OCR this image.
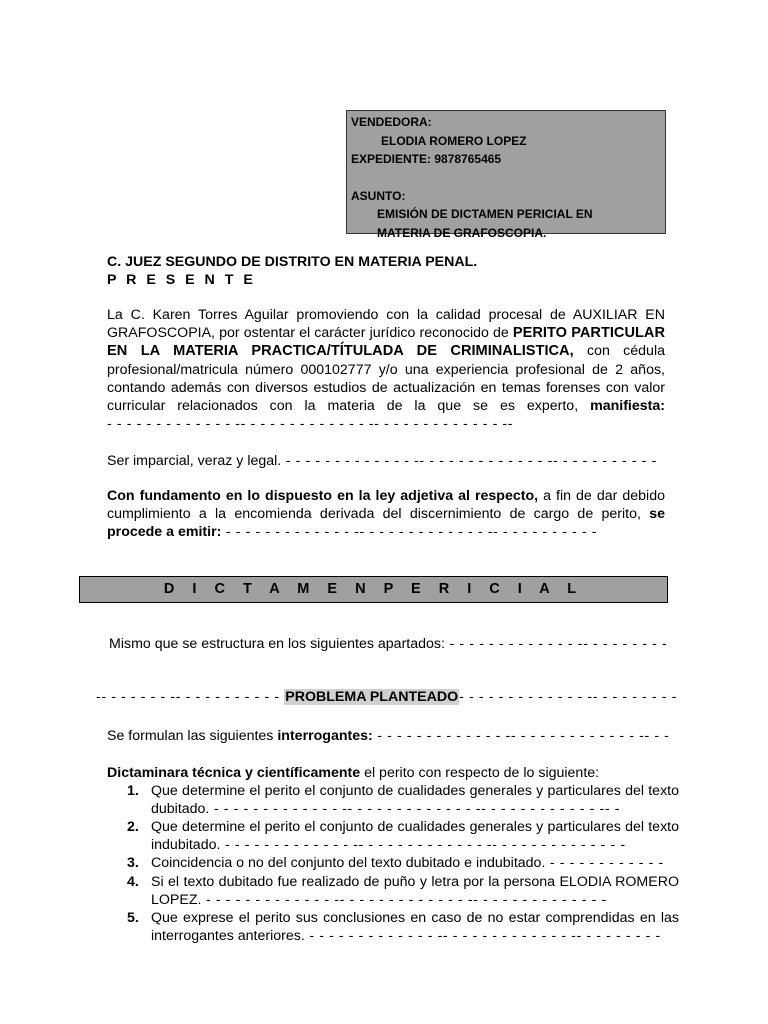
VENDEDORA:
ELODIA ROMERO LOPEZ
EXPEDIENTE: 9878765465
ASUNTO:
EMISIÓN DE DICTAMEN PERICIAL EN
MATERIA DE GRAFOSCOPIA.
C. JUEZ SEGUNDO DE DISTRITO EN MATERIA PENAL.
P R E S E N T E
La C. Karen Torres Aguilar promoviendo con la calidad procesal de AUXILIAR EN GRAFOSCOPIA, por ostentar el carácter jurídico reconocido de PERITO PARTICULAR EN LA MATERIA PRACTICA/TÍTULADA DE CRIMINALISTICA, con cédula profesional/matricula número 000102777 y/o una experiencia profesional de 2 años, contando además con diversos estudios de actualización en temas forenses con valor curricular relacionados con la materia de la que se es experto, manifiesta: - - - - - - - - - - - - - -- - - - - - - - - - - - - -- - - - - - - - - - - - - --
Ser imparcial, veraz y legal. - - - - - - - - - - - - - -- - - - - - - - - - - - - -- - - - - - - - - - -
Con fundamento en lo dispuesto en la ley adjetiva al respecto, a fin de dar debido cumplimiento a la encomienda derivada del discernimiento de cargo de perito, se procede a emitir: - - - - - - - - - - - - - -- - - - - - - - - - - - - -- - - - - - - - - - -
D I C T A M E N P E R I C I A L
Mismo que se estructura en los siguientes apartados: - - - - - - - - - - - - - -- - - - - - - - -
-- - - - - - - -- - - - - - - - - - - PROBLEMA PLANTEADO- - - - - - - - - - - - - -- - - - - - - - -
Se formulan las siguientes interrogantes: - - - - - - - - - - - - - -- - - - - - - - - - - - - -- - -
Dictaminara técnica y científicamente el perito con respecto de lo siguiente:
1. Que determine el perito el conjunto de cualidades generales y particulares del texto dubitado. - - - - - - - - - - - - - -- - - - - - - - - - - - - -- - - - - - - - - - - - -- -
2. Que determine el perito el conjunto de cualidades generales y particulares del texto indubitado. - - - - - - - - - - - - - -- - - - - - - - - - - - - -- - - - - - - - - - - - - -
3. Coincidencia o no del conjunto del texto dubitado e indubitado. - - - - - - - - - - - -
4. Si el texto dubitado fue realizado de puño y letra por la persona ELODIA ROMERO LOPEZ. - - - - - - - - - - - - - -- - - - - - - - - - - - - -- - - - - - - - - - - - - -
5. Que exprese el perito sus conclusiones en caso de no estar comprendidas en las interrogantes anteriores. - - - - - - - - - - - - - -- - - - - - - - - - - - - -- - - - - - - - -
